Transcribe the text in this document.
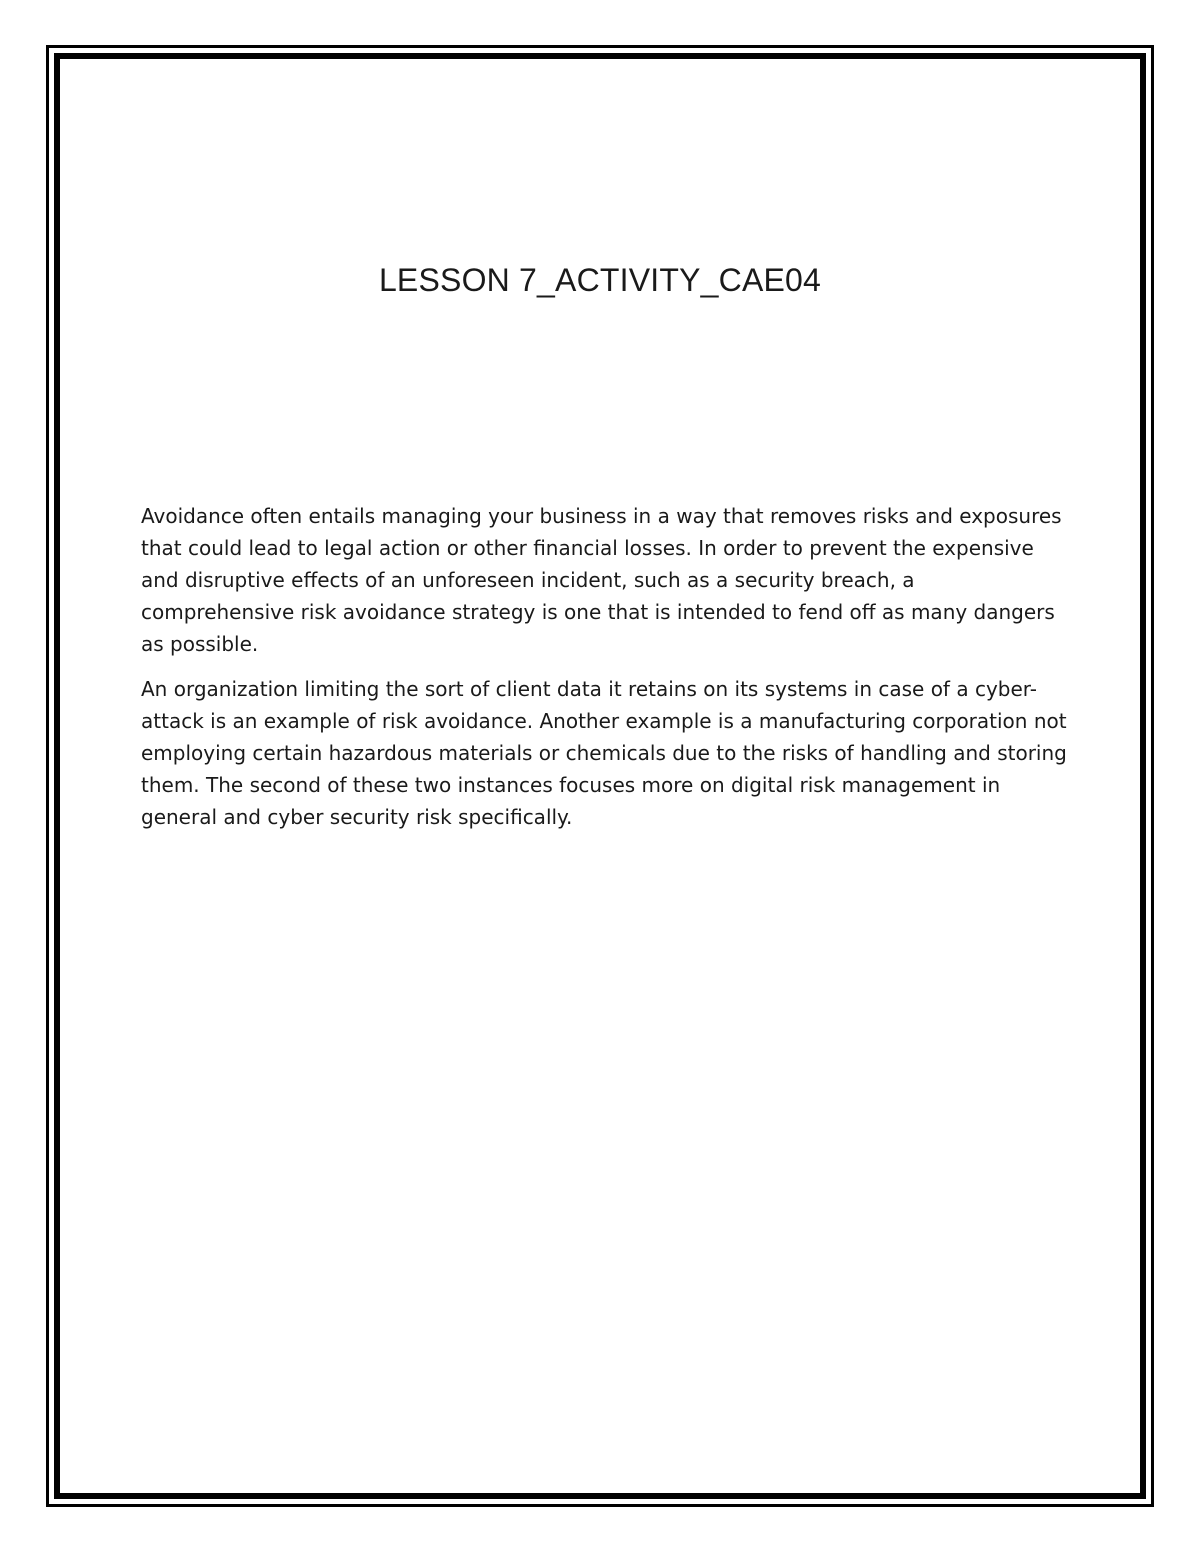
LESSON 7_ACTIVITY_CAE04

Avoidance often entails managing your business in a way that removes risks and exposures that could lead to legal action or other financial losses. In order to prevent the expensive and disruptive effects of an unforeseen incident, such as a security breach, a comprehensive risk avoidance strategy is one that is intended to fend off as many dangers as possible.

An organization limiting the sort of client data it retains on its systems in case of a cyber-attack is an example of risk avoidance. Another example is a manufacturing corporation not employing certain hazardous materials or chemicals due to the risks of handling and storing them. The second of these two instances focuses more on digital risk management in general and cyber security risk specifically.
